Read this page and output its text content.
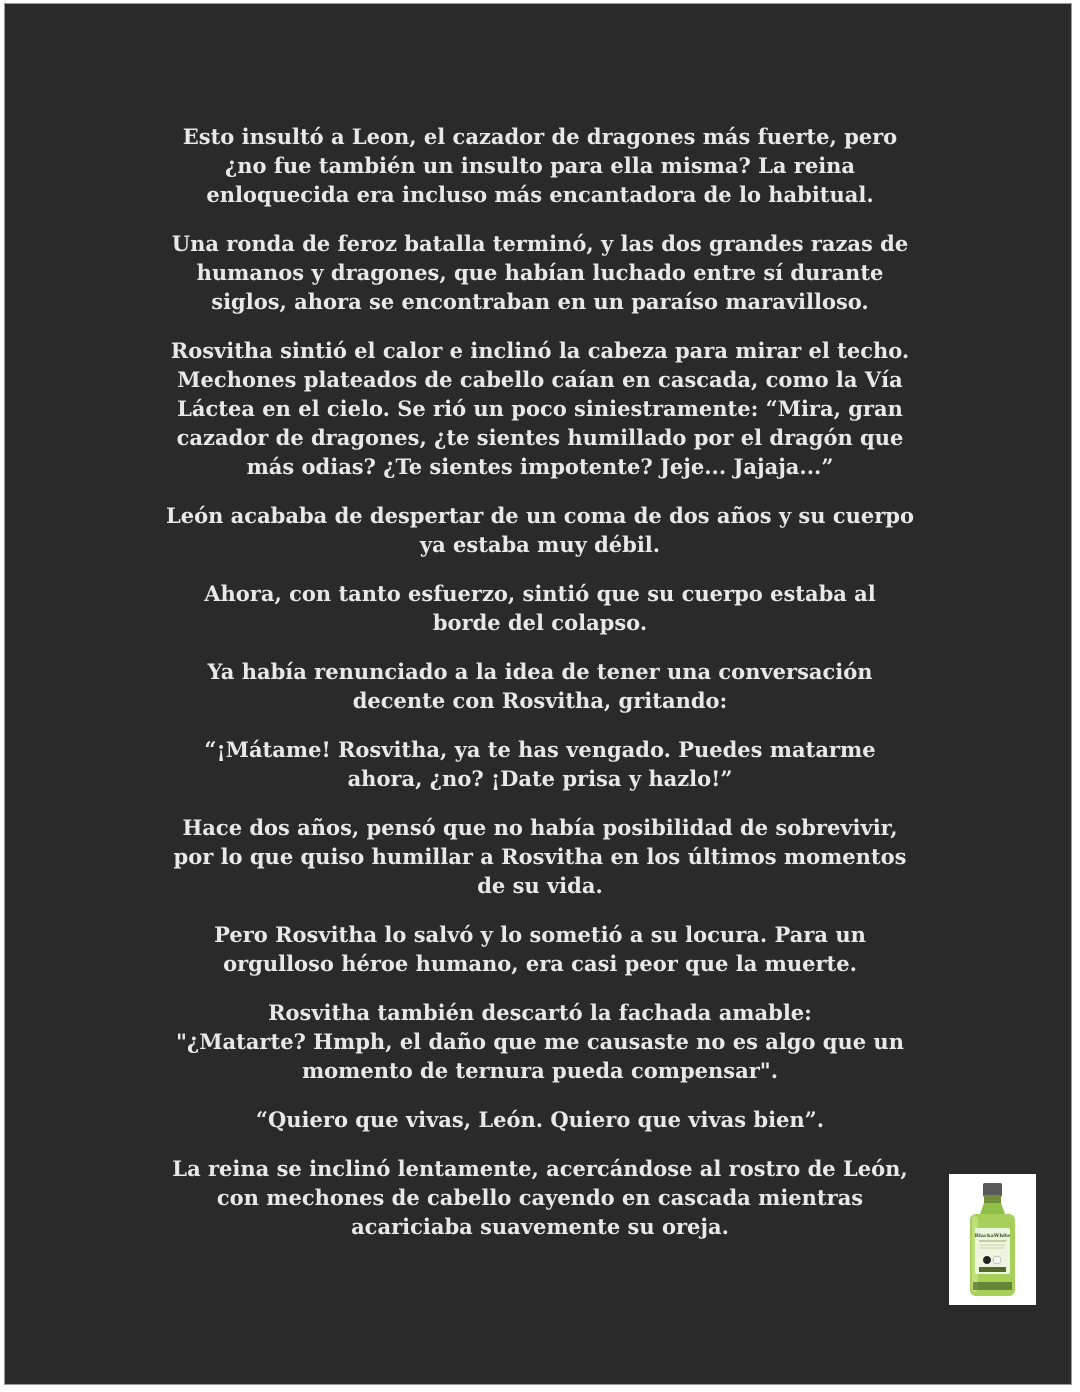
Esto insultó a Leon, el cazador de dragones más fuerte, pero
¿no fue también un insulto para ella misma? La reina
enloquecida era incluso más encantadora de lo habitual.

Una ronda de feroz batalla terminó, y las dos grandes razas de
humanos y dragones, que habían luchado entre sí durante
siglos, ahora se encontraban en un paraíso maravilloso.

Rosvitha sintió el calor e inclinó la cabeza para mirar el techo.
Mechones plateados de cabello caían en cascada, como la Vía
Láctea en el cielo. Se rió un poco siniestramente: “Mira, gran
cazador de dragones, ¿te sientes humillado por el dragón que
más odias? ¿Te sientes impotente? Jeje... Jajaja...”

León acababa de despertar de un coma de dos años y su cuerpo
ya estaba muy débil.

Ahora, con tanto esfuerzo, sintió que su cuerpo estaba al
borde del colapso.

Ya había renunciado a la idea de tener una conversación
decente con Rosvitha, gritando:

“¡Mátame! Rosvitha, ya te has vengado. Puedes matarme
ahora, ¿no? ¡Date prisa y hazlo!”

Hace dos años, pensó que no había posibilidad de sobrevivir,
por lo que quiso humillar a Rosvitha en los últimos momentos
de su vida.

Pero Rosvitha lo salvó y lo sometió a su locura. Para un
orgulloso héroe humano, era casi peor que la muerte.

Rosvitha también descartó la fachada amable:
"¿Matarte? Hmph, el daño que me causaste no es algo que un
momento de ternura pueda compensar".

“Quiero que vivas, León. Quiero que vivas bien”.

La reina se inclinó lentamente, acercándose al rostro de León,
con mechones de cabello cayendo en cascada mientras
acariciaba suavemente su oreja.	BlackaWhite
